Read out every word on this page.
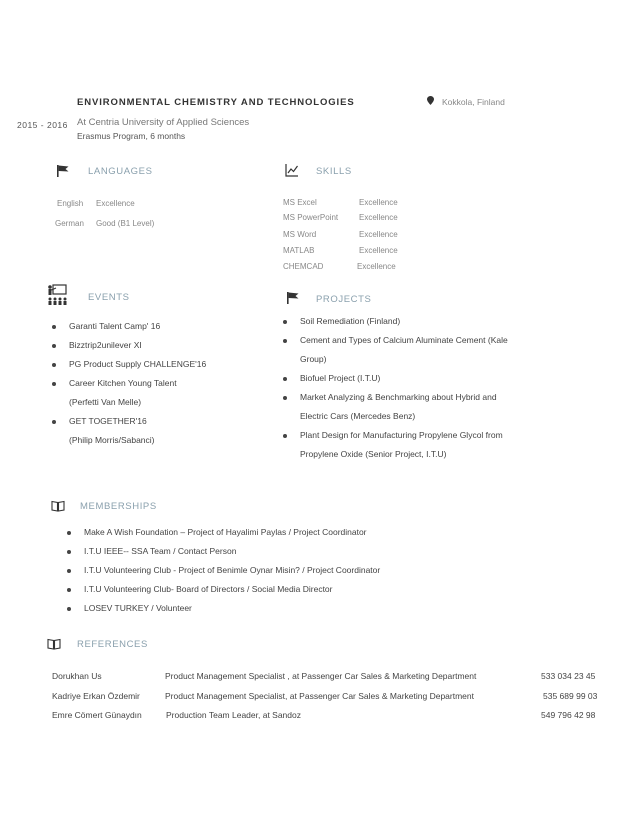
ENVIRONMENTAL CHEMISTRY AND TECHNOLOGIES	Kokkola, Finland
2015 - 2016 At Centria University of Applied Sciences
Erasmus Program, 6 months
LANGUAGES
English Excellence
German Good (B1 Level)
SKILLS
MS Excel	Excellence
MS PowerPoint	Excellence
MS Word	Excellence
MATLAB	Excellence
CHEMCAD	Excellence
EVENTS
Garanti Talent Camp' 16
Bizztrip2unilever XI
PG Product Supply CHALLENGE'16
Career Kitchen Young Talent
(Perfetti Van Melle)
GET TOGETHER'16
(Philip Morris/Sabanci)
PROJECTS
Soil Remediation (Finland)
Cement and Types of Calcium Aluminate Cement (Kale
Group)
Biofuel Project (I.T.U)
Market Analyzing & Benchmarking about Hybrid and
Electric Cars (Mercedes Benz)
Plant Design for Manufacturing Propylene Glycol from
Propylene Oxide (Senior Project, I.T.U)
MEMBERSHIPS
Make A Wish Foundation – Project of Hayalimi Paylas / Project Coordinator
I.T.U IEEE-- SSA Team / Contact Person
I.T.U Volunteering Club - Project of Benimle Oynar Misin? / Project Coordinator
I.T.U Volunteering Club- Board of Directors / Social Media Director
LOSEV TURKEY / Volunteer
REFERENCES
Dorukhan Us	Product Management Specialist , at Passenger Car Sales & Marketing Department	533 034 23 45
Kadriye Erkan Özdemir	Product Management Specialist, at Passenger Car Sales & Marketing Department	535 689 99 03
Emre Cömert Günaydın	Production Team Leader, at Sandoz	549 796 42 98
